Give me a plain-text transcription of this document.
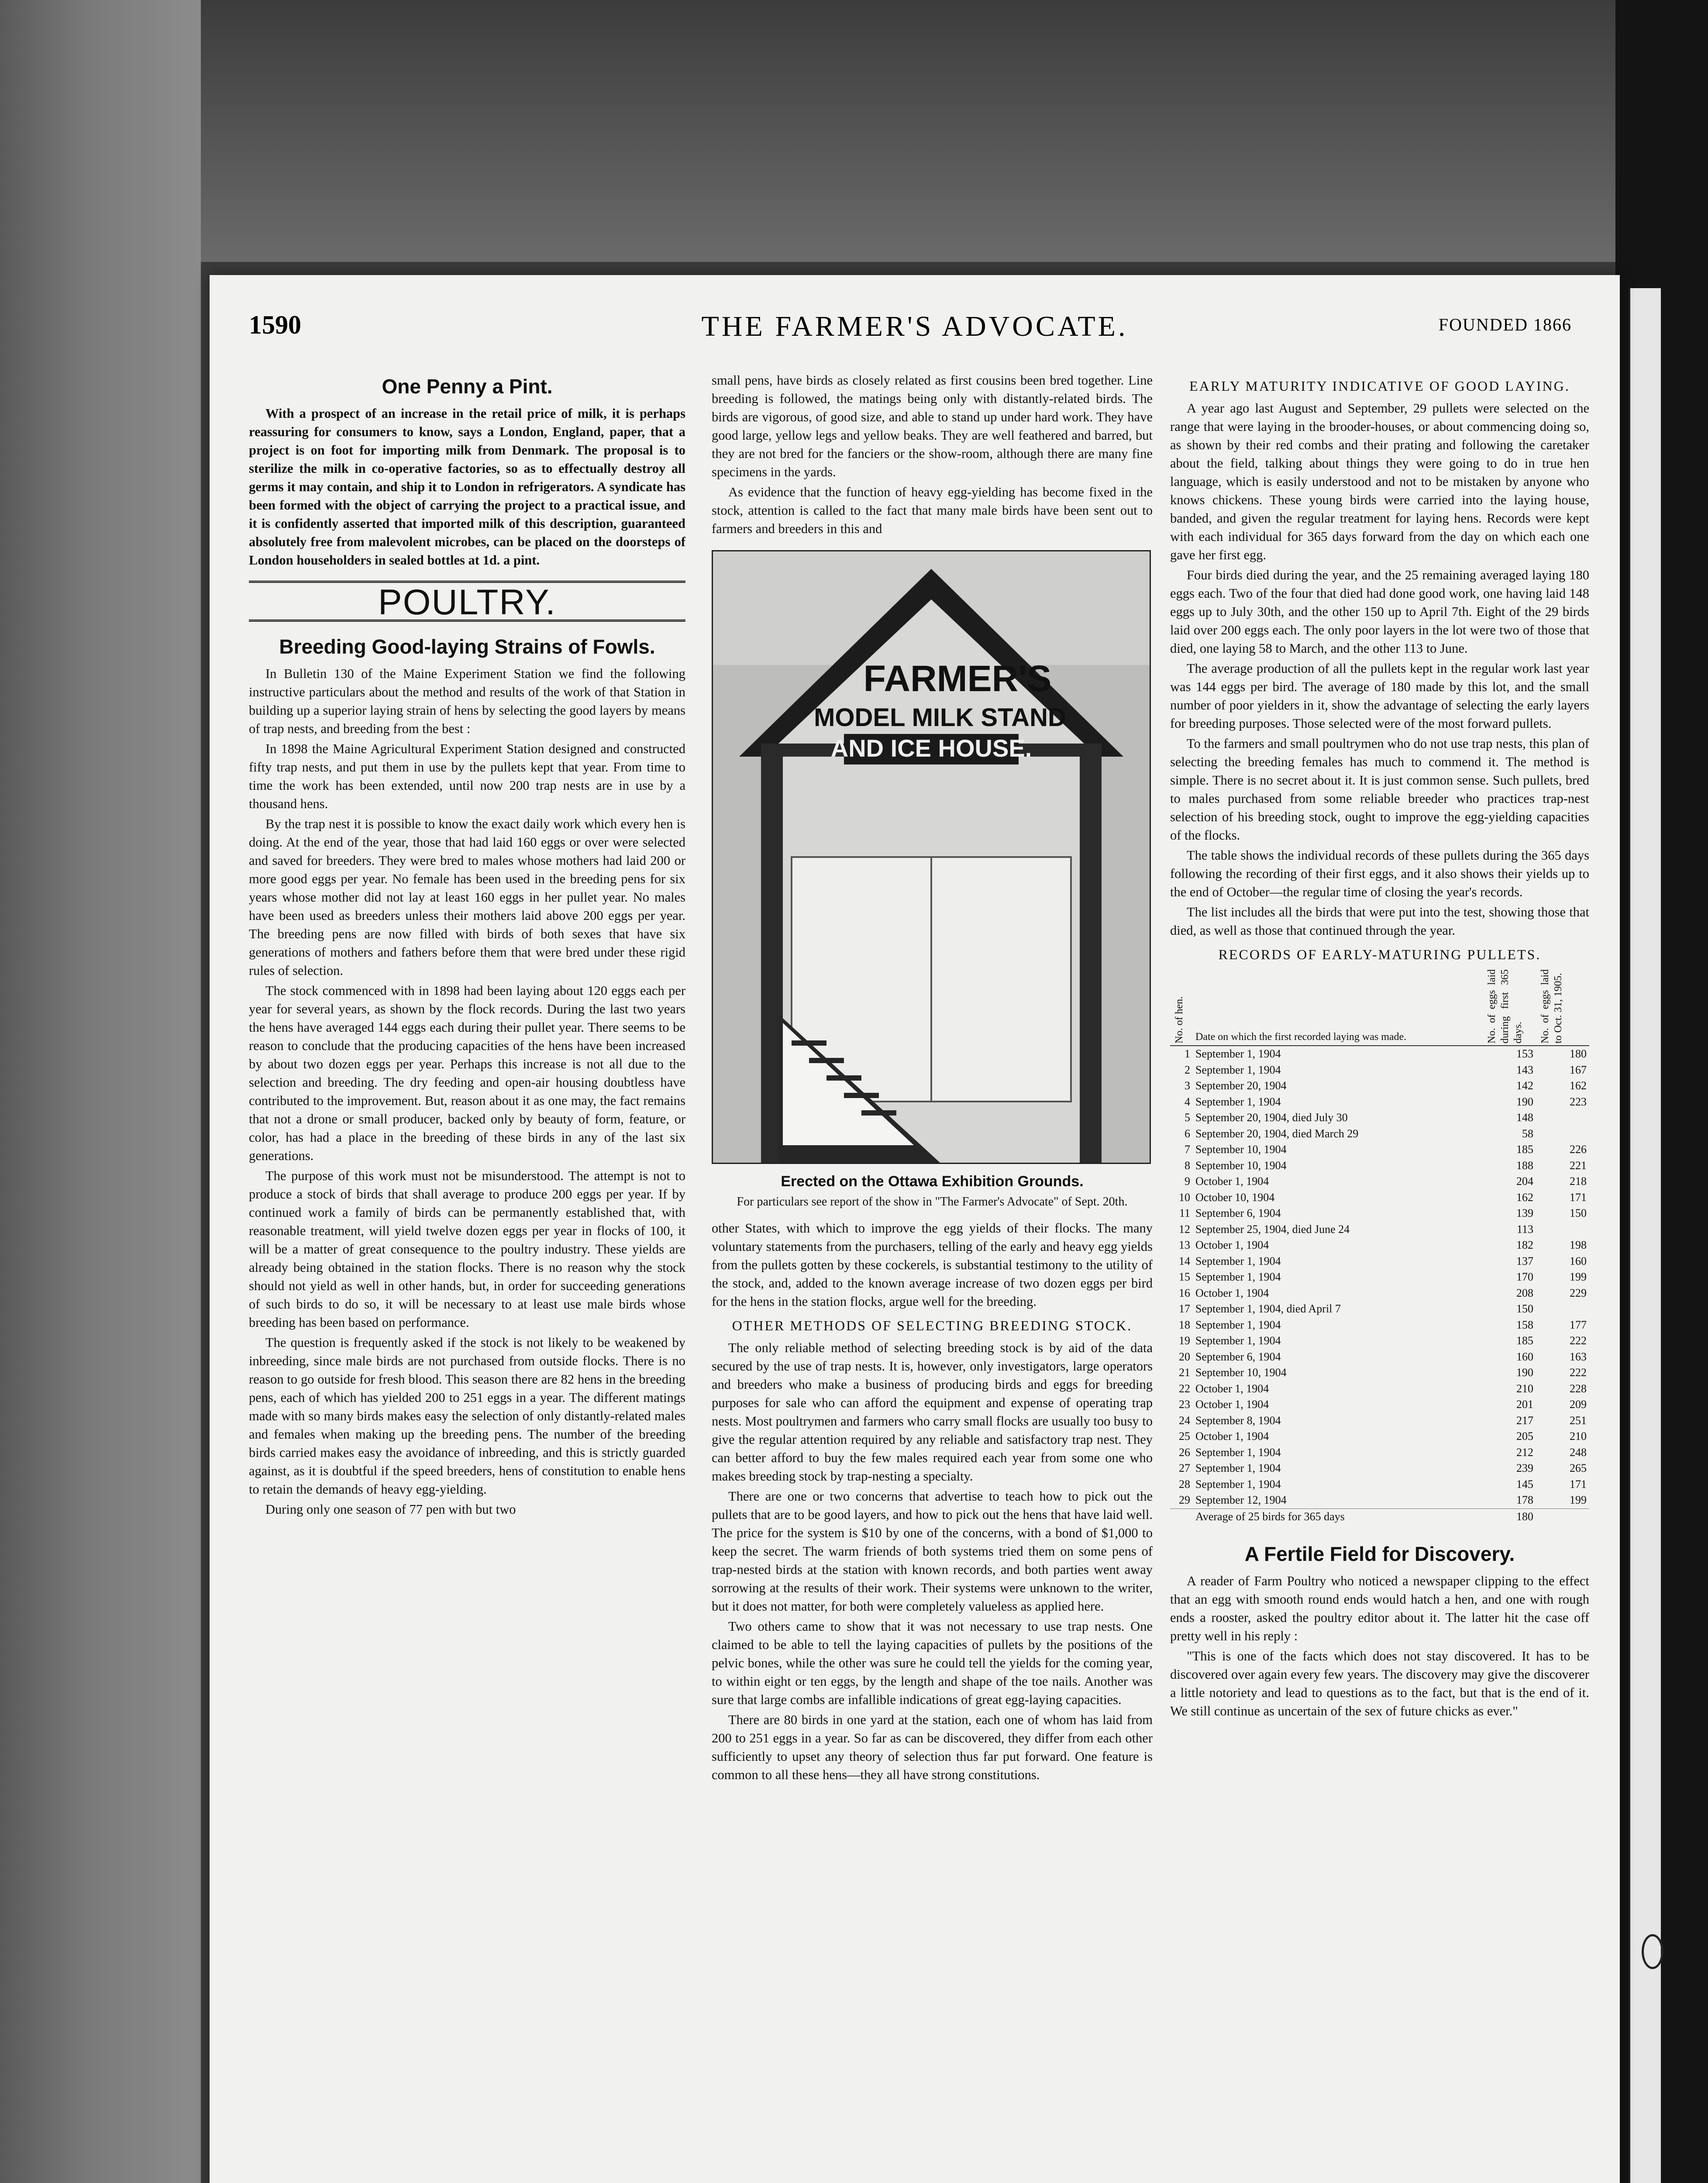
THE FARMER'S ADVOCATE.
1590	FOUNDED 1866
One Penny a Pint.

With a prospect of an increase in the retail price of milk, it is perhaps reassuring for consumers to know, says a London, England, paper, that a project is on foot for importing milk from Denmark. The proposal is to sterilize the milk in co-operative factories, so as to effectually destroy all germs it may contain, and ship it to London in refrigerators. A syndicate has been formed with the object of carrying the project to a practical issue, and it is confidently asserted that imported milk of this description, guaranteed absolutely free from malevolent microbes, can be placed on the doorsteps of London householders in sealed bottles at 1d. a pint.

POULTRY.
Breeding Good-laying Strains of Fowls.

In Bulletin 130 of the Maine Experiment Station we find the following instructive particulars about the method and results of the work of that Station in building up a superior laying strain of hens by selecting the good layers by means of trap nests, and breeding from the best :

In 1898 the Maine Agricultural Experiment Station designed and constructed fifty trap nests, and put them in use by the pullets kept that year. From time to time the work has been extended, until now 200 trap nests are in use by a thousand hens.

By the trap nest it is possible to know the exact daily work which every hen is doing. At the end of the year, those that had laid 160 eggs or over were selected and saved for breeders. They were bred to males whose mothers had laid 200 or more good eggs per year. No female has been used in the breeding pens for six years whose mother did not lay at least 160 eggs in her pullet year. No males have been used as breeders unless their mothers laid above 200 eggs per year. The breeding pens are now filled with birds of both sexes that have six generations of mothers and fathers before them that were bred under these rigid rules of selection.

The stock commenced with in 1898 had been laying about 120 eggs each per year for several years, as shown by the flock records. During the last two years the hens have averaged 144 eggs each during their pullet year. There seems to be reason to conclude that the producing capacities of the hens have been increased by about two dozen eggs per year. Perhaps this increase is not all due to the selection and breeding. The dry feeding and open-air housing doubtless have contributed to the improvement. But, reason about it as one may, the fact remains that not a drone or small producer, backed only by beauty of form, feature, or color, has had a place in the breeding of these birds in any of the last six generations.

The purpose of this work must not be misunderstood. The attempt is not to produce a stock of birds that shall average to produce 200 eggs per year. If by continued work a family of birds can be permanently established that, with reasonable treatment, will yield twelve dozen eggs per year in flocks of 100, it will be a matter of great consequence to the poultry industry. These yields are already being obtained in the station flocks. There is no reason why the stock should not yield as well in other hands, but, in order for succeeding generations of such birds to do so, it will be necessary to at least use male birds whose breeding has been based on performance.

The question is frequently asked if the stock is not likely to be weakened by inbreeding, since male birds are not purchased from outside flocks. There is no reason to go outside for fresh blood. This season there are 82 hens in the breeding pens, each of which has yielded 200 to 251 eggs in a year. The different matings made with so many birds makes easy the selection of only distantly-related males and females when making up the breeding pens. The number of the breeding birds carried makes easy the avoidance of inbreeding, and this is strictly guarded against, as it is doubtful if the speed breeders, hens of constitution to enable hens to retain the demands of heavy egg-yielding.

During only one season of 77 pen with but two

small pens, have birds as closely related as first cousins been bred together. Line breeding is followed, the matings being only with distantly-related birds. The birds are vigorous, of good size, and able to stand up under hard work. They have good large, yellow legs and yellow beaks. They are well feathered and barred, but they are not bred for the fanciers or the show-room, although there are many fine specimens in the yards.

As evidence that the function of heavy egg-yielding has become fixed in the stock, attention is called to the fact that many male birds have been sent out to farmers and breeders in this and

FARMER'S
MODEL MILK STAND
AND ICE HOUSE.
Erected on the Ottawa Exhibition Grounds.
For particulars see report of the show in "The Farmer's Advocate" of Sept. 20th.

other States, with which to improve the egg yields of their flocks. The many voluntary statements from the purchasers, telling of the early and heavy egg yields from the pullets gotten by these cockerels, is substantial testimony to the utility of the stock, and, added to the known average increase of two dozen eggs per bird for the hens in the station flocks, argue well for the breeding.

OTHER METHODS OF SELECTING BREEDING STOCK.

The only reliable method of selecting breeding stock is by aid of the data secured by the use of trap nests. It is, however, only investigators, large operators and breeders who make a business of producing birds and eggs for breeding purposes for sale who can afford the equipment and expense of operating trap nests. Most poultrymen and farmers who carry small flocks are usually too busy to give the regular attention required by any reliable and satisfactory trap nest. They can better afford to buy the few males required each year from some one who makes breeding stock by trap-nesting a specialty.

There are one or two concerns that advertise to teach how to pick out the pullets that are to be good layers, and how to pick out the hens that have laid well. The price for the system is $10 by one of the concerns, with a bond of $1,000 to keep the secret. The warm friends of both systems tried them on some pens of trap-nested birds at the station with known records, and both parties went away sorrowing at the results of their work. Their systems were unknown to the writer, but it does not matter, for both were completely valueless as applied here.

Two others came to show that it was not necessary to use trap nests. One claimed to be able to tell the laying capacities of pullets by the positions of the pelvic bones, while the other was sure he could tell the yields for the coming year, to within eight or ten eggs, by the length and shape of the toe nails. Another was sure that large combs are infallible indications of great egg-laying capacities.

There are 80 birds in one yard at the station, each one of whom has laid from 200 to 251 eggs in a year. So far as can be discovered, they differ from each other sufficiently to upset any theory of selection thus far put forward. One feature is common to all these hens—they all have strong constitutions.

EARLY MATURITY INDICATIVE OF GOOD LAYING.

A year ago last August and September, 29 pullets were selected on the range that were laying in the brooder-houses, or about commencing doing so, as shown by their red combs and their prating and following the caretaker about the field, talking about things they were going to do in true hen language, which is easily understood and not to be mistaken by anyone who knows chickens. These young birds were carried into the laying house, banded, and given the regular treatment for laying hens. Records were kept with each individual for 365 days forward from the day on which each one gave her first egg.

Four birds died during the year, and the 25 remaining averaged laying 180 eggs each. Two of the four that died had done good work, one having laid 148 eggs up to July 30th, and the other 150 up to April 7th. Eight of the 29 birds laid over 200 eggs each. The only poor layers in the lot were two of those that died, one laying 58 to March, and the other 113 to June.

The average production of all the pullets kept in the regular work last year was 144 eggs per bird. The average of 180 made by this lot, and the small number of poor yielders in it, show the advantage of selecting the early layers for breeding purposes. Those selected were of the most forward pullets.

To the farmers and small poultrymen who do not use trap nests, this plan of selecting the breeding females has much to commend it. The method is simple. There is no secret about it. It is just common sense. Such pullets, bred to males purchased from some reliable breeder who practices trap-nest selection of his breeding stock, ought to improve the egg-yielding capacities of the flocks.

The table shows the individual records of these pullets during the 365 days following the recording of their first eggs, and it also shows their yields up to the end of October—the regular time of closing the year's records.

The list includes all the birds that were put into the test, showing those that died, as well as those that continued through the year.

RECORDS OF EARLY-MATURING PULLETS.
No. of hen.	Date on which the first recorded laying was made.	No. of eggs laid during first 365 days.	No. of eggs laid to Oct. 31, 1905.

1	September 1, 1904	153	180
2	September 1, 1904	143	167
3	September 20, 1904	142	162
4	September 1, 1904	190	223
5	September 20, 1904, died July 30	148	
6	September 20, 1904, died March 29	58	
7	September 10, 1904	185	226
8	September 10, 1904	188	221
9	October 1, 1904	204	218
10	October 10, 1904	162	171
11	September 6, 1904	139	150
12	September 25, 1904, died June 24	113	
13	October 1, 1904	182	198
14	September 1, 1904	137	160
15	September 1, 1904	170	199
16	October 1, 1904	208	229
17	September 1, 1904, died April 7	150	
18	September 1, 1904	158	177
19	September 1, 1904	185	222
20	September 6, 1904	160	163
21	September 10, 1904	190	222
22	October 1, 1904	210	228
23	October 1, 1904	201	209
24	September 8, 1904	217	251
25	October 1, 1904	205	210
26	September 1, 1904	212	248
27	September 1, 1904	239	265
28	September 1, 1904	145	171
29	September 12, 1904	178	199
	Average of 25 birds for 365 days	180	
A Fertile Field for Discovery.

A reader of Farm Poultry who noticed a newspaper clipping to the effect that an egg with smooth round ends would hatch a hen, and one with rough ends a rooster, asked the poultry editor about it. The latter hit the case off pretty well in his reply :

"This is one of the facts which does not stay discovered. It has to be discovered over again every few years. The discovery may give the discoverer a little notoriety and lead to questions as to the fact, but that is the end of it. We still continue as uncertain of the sex of future chicks as ever."
